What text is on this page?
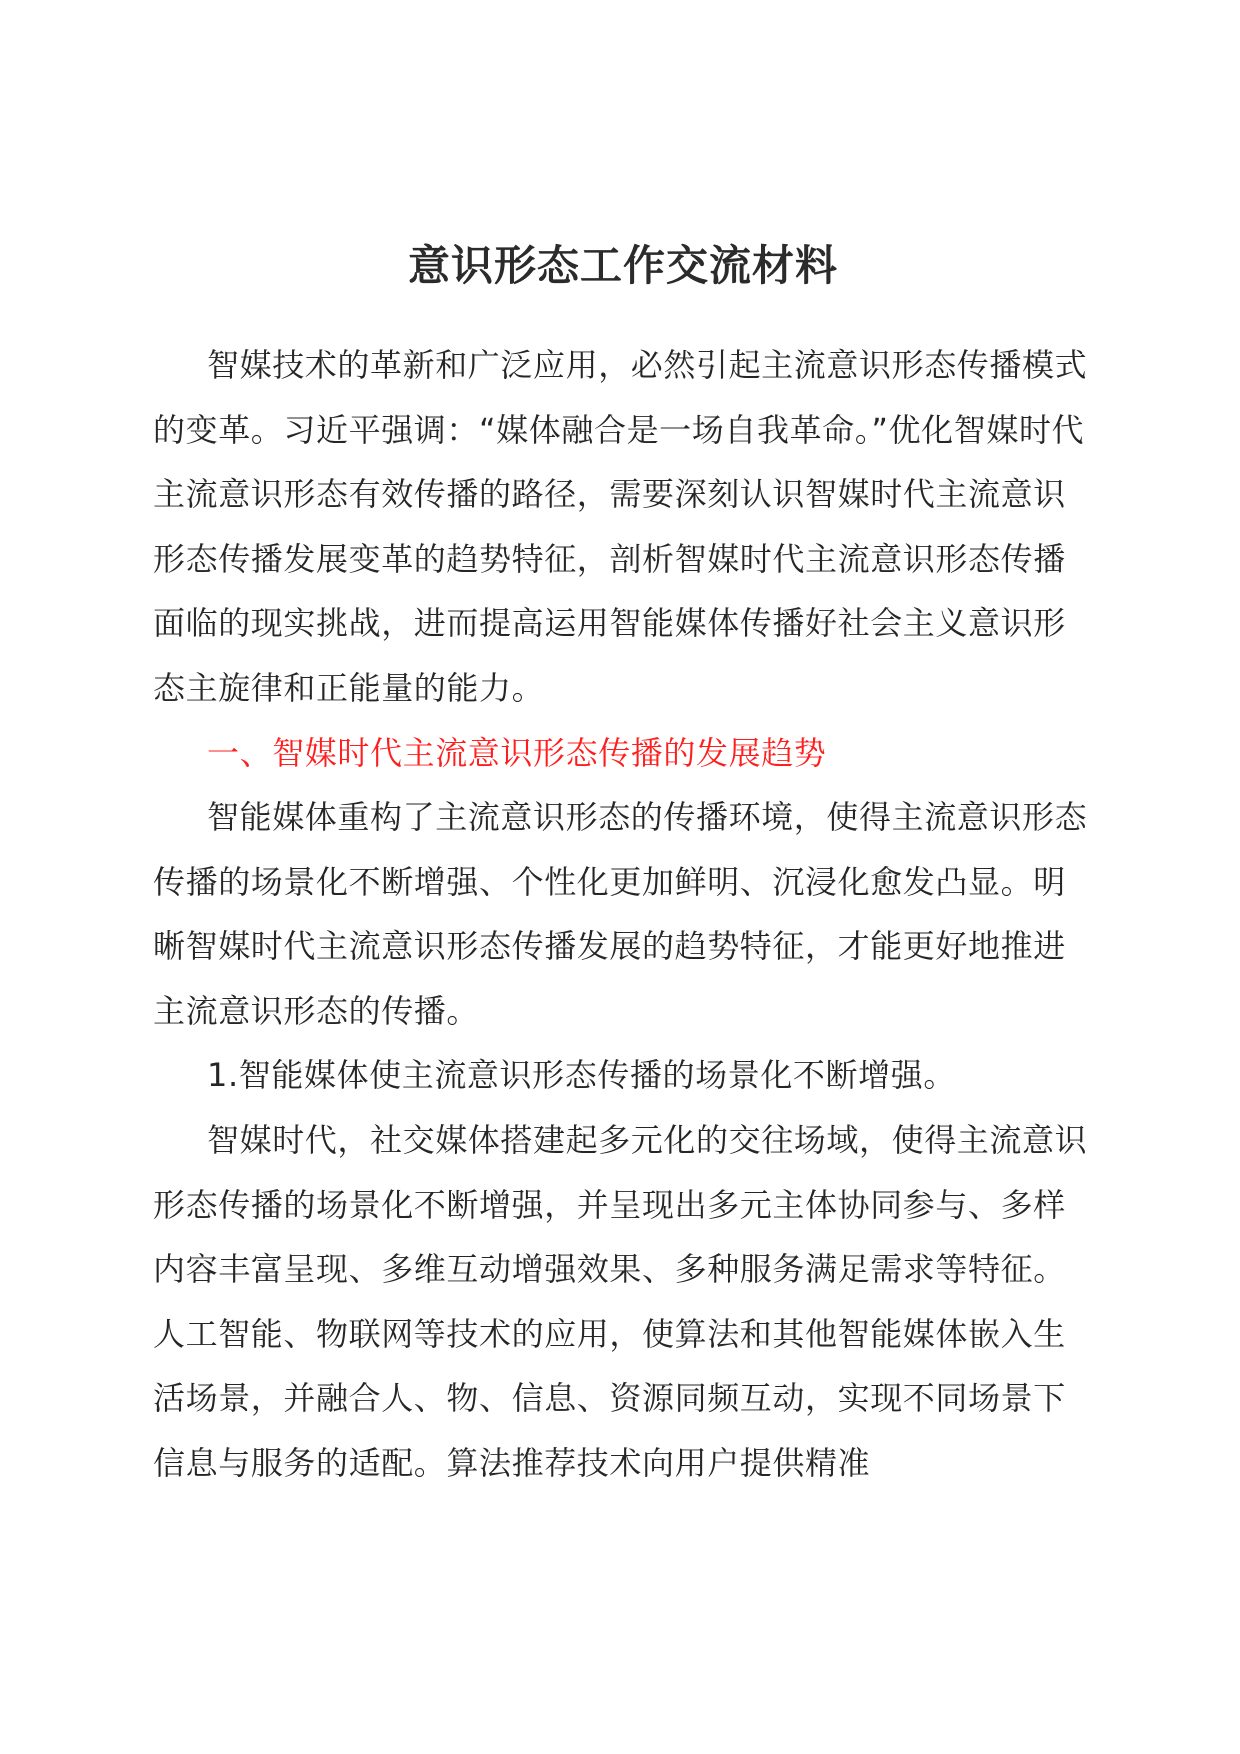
意识形态工作交流材料

智媒技术的革新和广泛应用，必然引起主流意识形态传播模式的变革。习近平强调：“媒体融合是一场自我革命。”优化智媒时代主流意识形态有效传播的路径，需要深刻认识智媒时代主流意识形态传播发展变革的趋势特征，剖析智媒时代主流意识形态传播面临的现实挑战，进而提高运用智能媒体传播好社会主义意识形态主旋律和正能量的能力。

一、智媒时代主流意识形态传播的发展趋势

智能媒体重构了主流意识形态的传播环境，使得主流意识形态传播的场景化不断增强、个性化更加鲜明、沉浸化愈发凸显。明晰智媒时代主流意识形态传播发展的趋势特征，才能更好地推进主流意识形态的传播。

1.智能媒体使主流意识形态传播的场景化不断增强。

智媒时代，社交媒体搭建起多元化的交往场域，使得主流意识形态传播的场景化不断增强，并呈现出多元主体协同参与、多样内容丰富呈现、多维互动增强效果、多种服务满足需求等特征。人工智能、物联网等技术的应用，使算法和其他智能媒体嵌入生活场景，并融合人、物、信息、资源同频互动，实现不同场景下信息与服务的适配。算法推荐技术向用户提供精准
